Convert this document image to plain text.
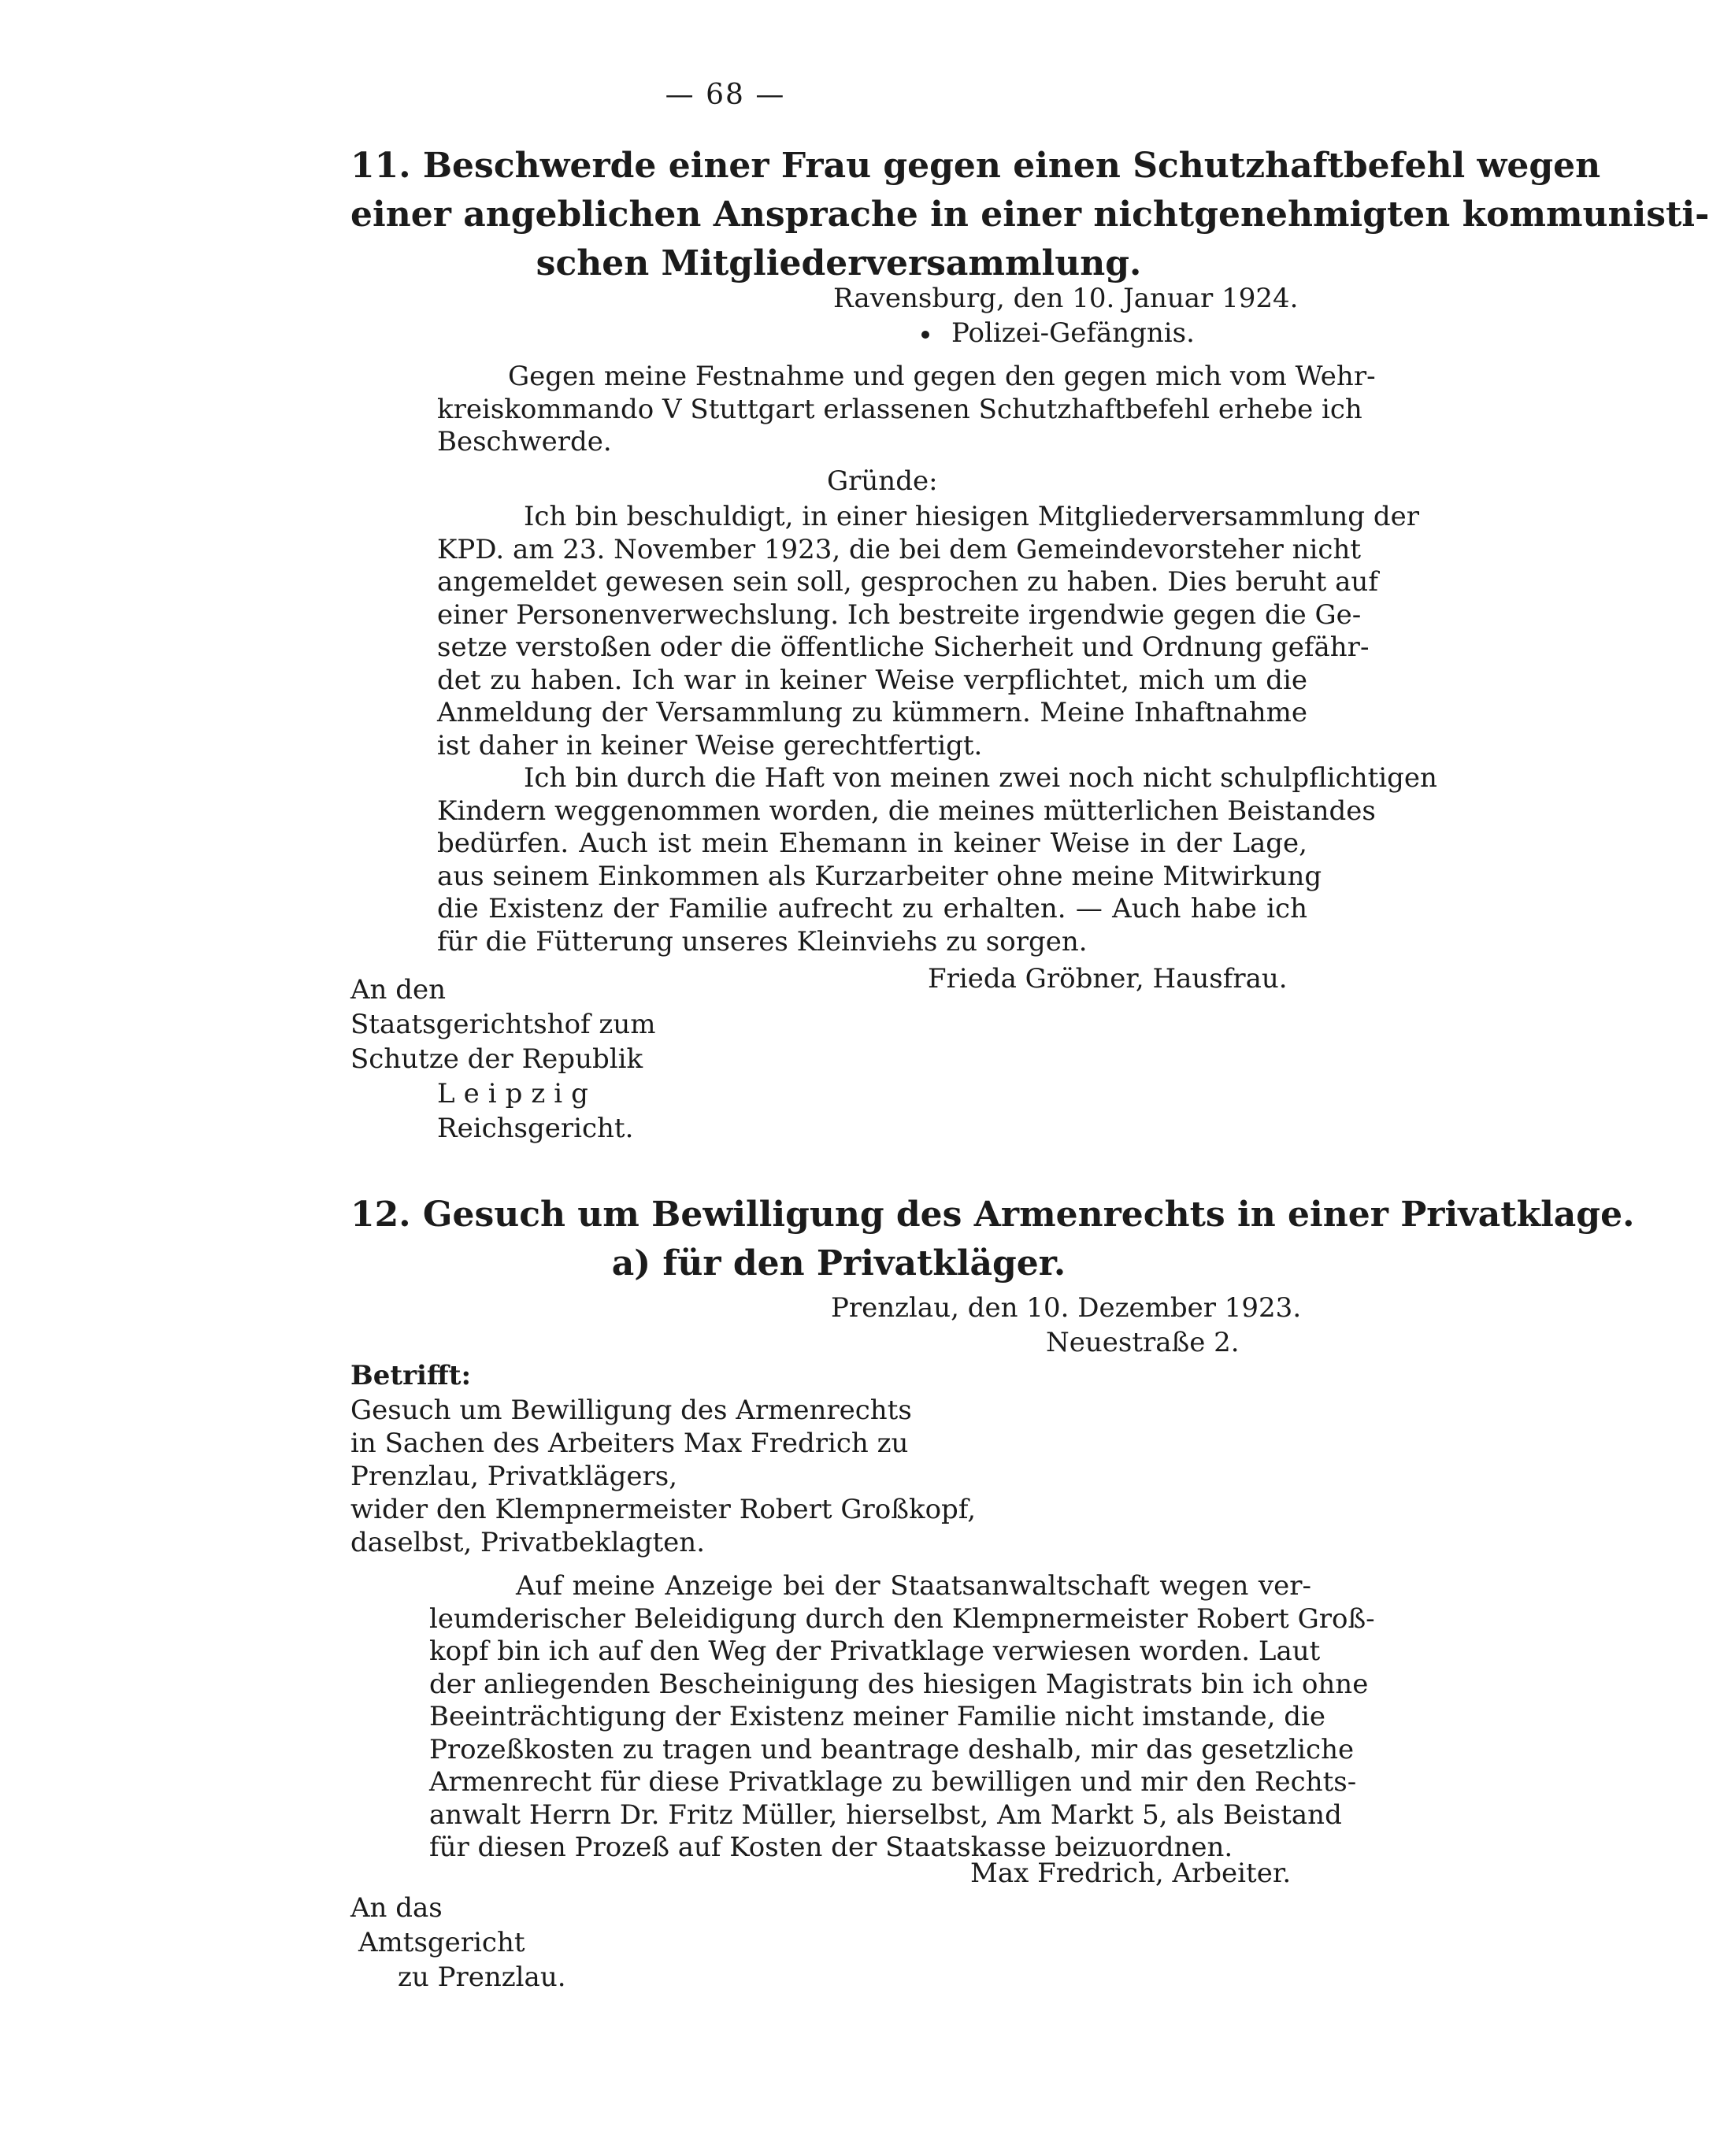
— 68 —
11. Beschwerde einer Frau gegen einen Schutzhaftbefehl wegen
einer angeblichen Ansprache in einer nichtgenehmigten kommunisti-
schen Mitgliederversammlung.
Ravensburg, den 10. Januar 1924.
Polizei-Gefängnis.
Gegen meine Festnahme und gegen den gegen mich vom Wehr-
kreiskommando V Stuttgart erlassenen Schutzhaftbefehl erhebe ich
Beschwerde.
Gründe:
Ich bin beschuldigt, in einer hiesigen Mitgliederversammlung der
KPD. am 23. November 1923, die bei dem Gemeindevorsteher nicht
angemeldet gewesen sein soll, gesprochen zu haben. Dies beruht auf
einer Personenverwechslung. Ich bestreite irgendwie gegen die Ge-
setze verstoßen oder die öffentliche Sicherheit und Ordnung gefähr-
det zu haben. Ich war in keiner Weise verpflichtet, mich um die
Anmeldung der Versammlung zu kümmern. Meine Inhaftnahme
ist daher in keiner Weise gerechtfertigt.
Ich bin durch die Haft von meinen zwei noch nicht schulpflichtigen
Kindern weggenommen worden, die meines mütterlichen Beistandes
bedürfen. Auch ist mein Ehemann in keiner Weise in der Lage,
aus seinem Einkommen als Kurzarbeiter ohne meine Mitwirkung
die Existenz der Familie aufrecht zu erhalten. — Auch habe ich
für die Fütterung unseres Kleinviehs zu sorgen.
Frieda Gröbner, Hausfrau.
An den
Staatsgerichtshof zum
Schutze der Republik
Leipzig
Reichsgericht.
12. Gesuch um Bewilligung des Armenrechts in einer Privatklage.
a) für den Privatkläger.
Prenzlau, den 10. Dezember 1923.
Neuestraße 2.
Betrifft:
Gesuch um Bewilligung des Armenrechts
in Sachen des Arbeiters Max Fredrich zu
Prenzlau, Privatklägers,
wider den Klempnermeister Robert Großkopf,
daselbst, Privatbeklagten.
Auf meine Anzeige bei der Staatsanwaltschaft wegen ver-
leumderischer Beleidigung durch den Klempnermeister Robert Groß-
kopf bin ich auf den Weg der Privatklage verwiesen worden. Laut
der anliegenden Bescheinigung des hiesigen Magistrats bin ich ohne
Beeinträchtigung der Existenz meiner Familie nicht imstande, die
Prozeßkosten zu tragen und beantrage deshalb, mir das gesetzliche
Armenrecht für diese Privatklage zu bewilligen und mir den Rechts-
anwalt Herrn Dr. Fritz Müller, hierselbst, Am Markt 5, als Beistand
für diesen Prozeß auf Kosten der Staatskasse beizuordnen.
Max Fredrich, Arbeiter.
An das
Amtsgericht
zu Prenzlau.
